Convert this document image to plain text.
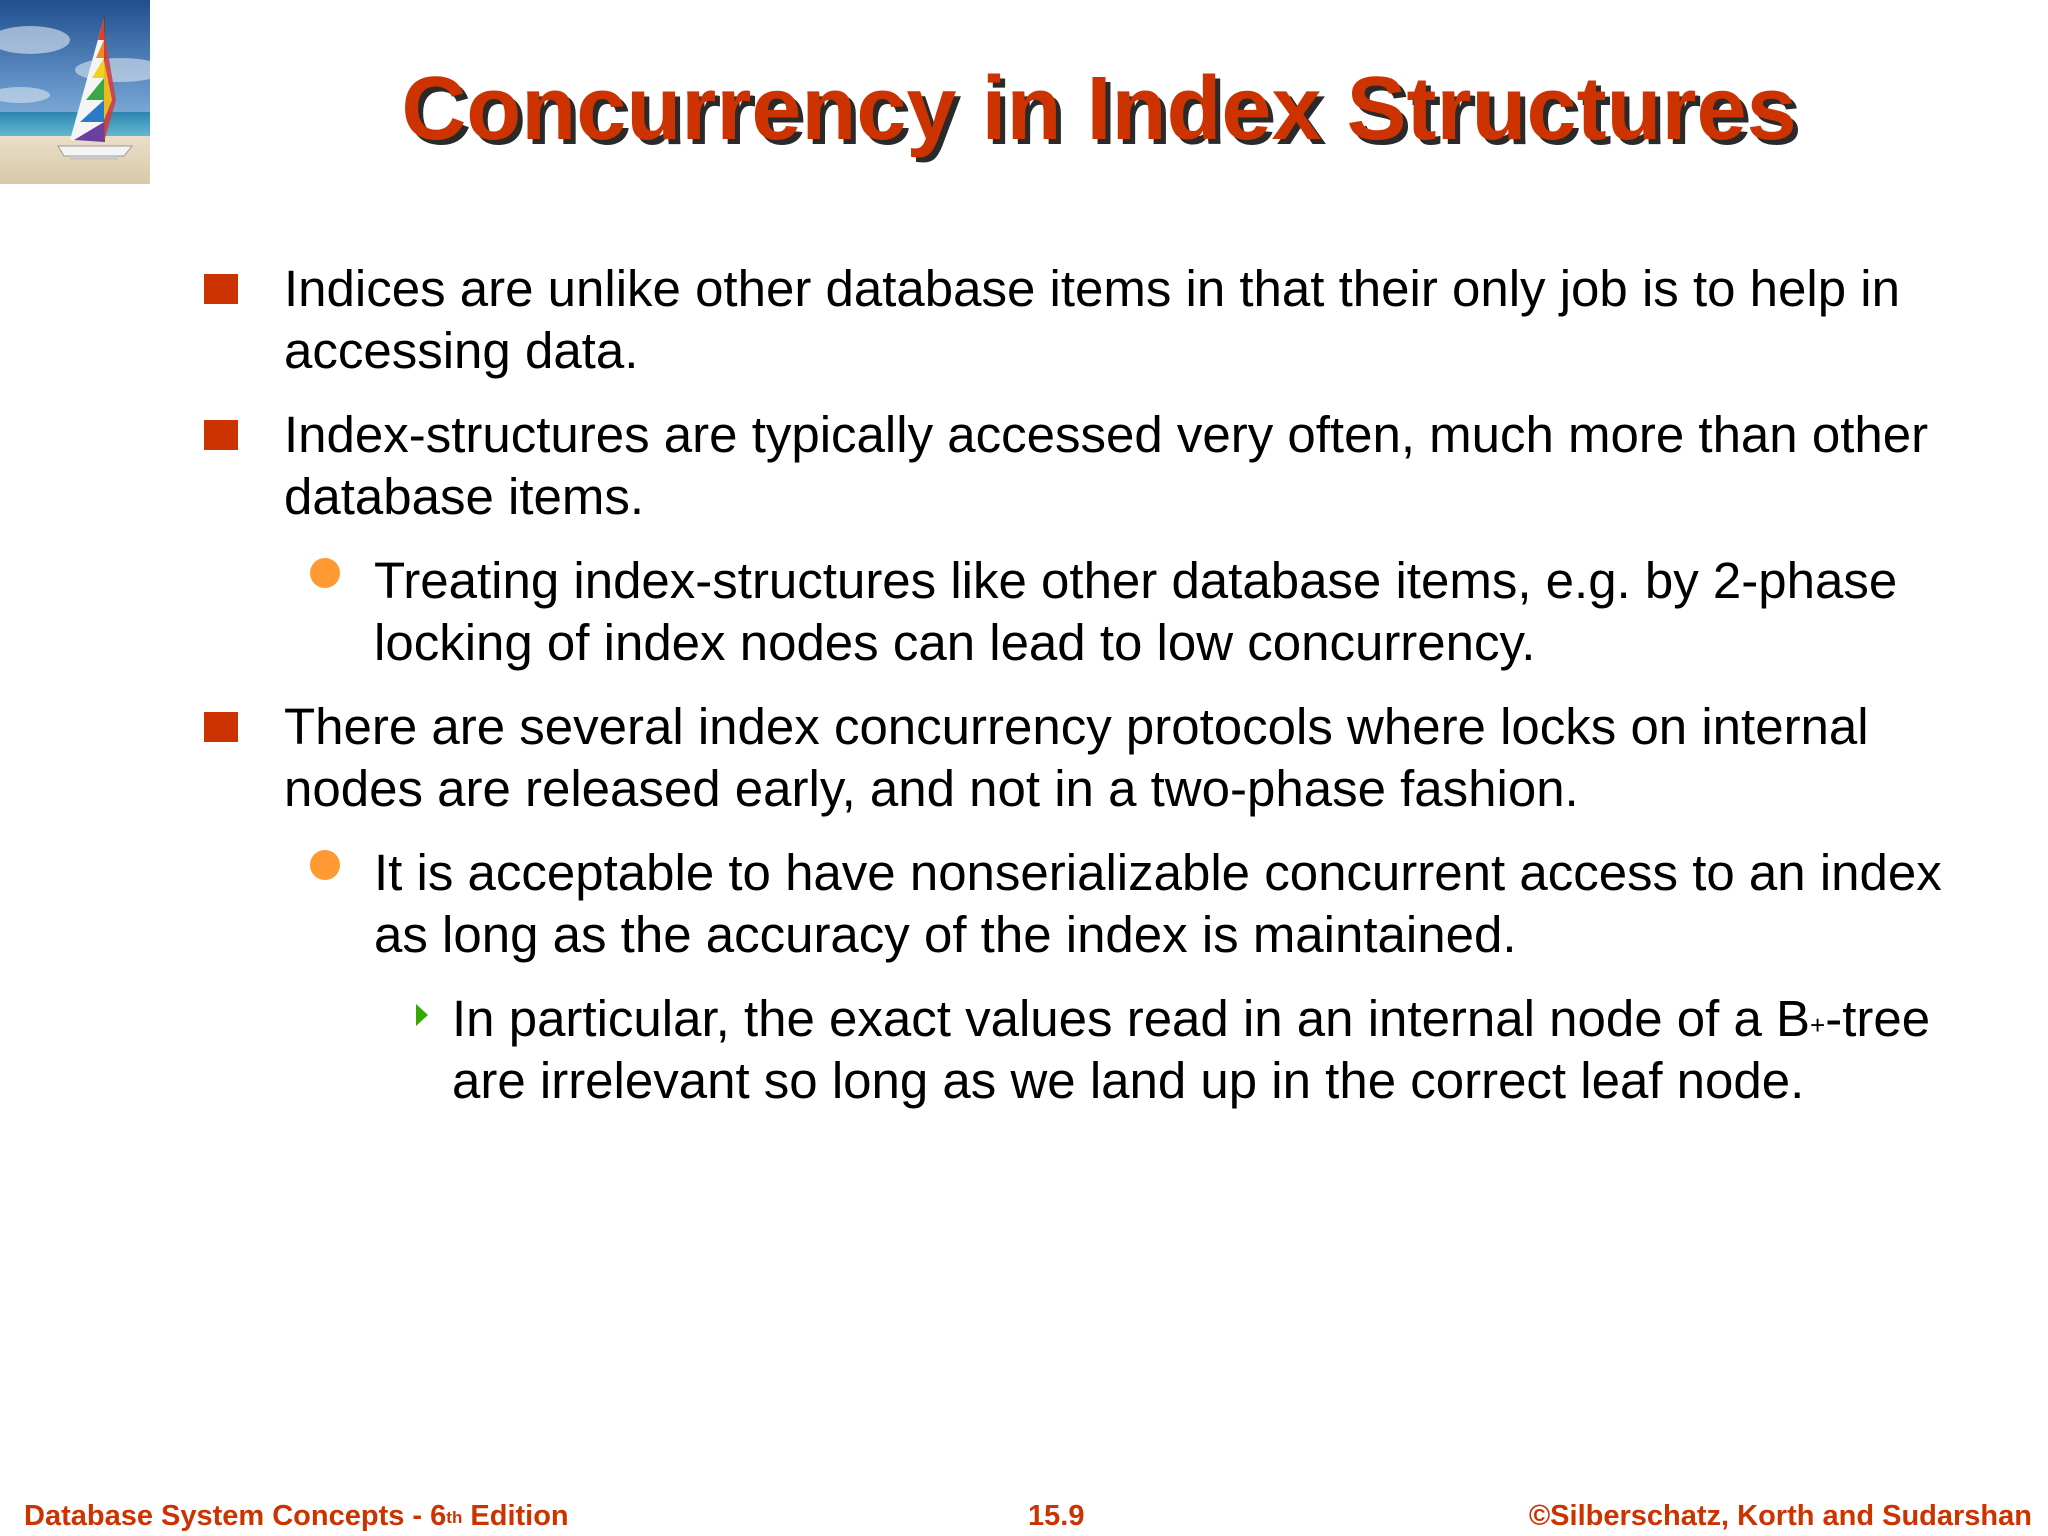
Concurrency in Index Structures
Indices are unlike other database items in that their only job is to help in accessing data.
Index-structures are typically accessed very often, much more than other database items.
Treating index-structures like other database items, e.g. by 2-phase locking of index nodes can lead to low concurrency.
There are several index concurrency protocols where locks on internal nodes are released early, and not in a two-phase fashion.
It is acceptable to have nonserializable concurrent access to an index as long as the accuracy of the index is maintained.
In particular, the exact values read in an internal node of a B+-tree are irrelevant so long as we land up in the correct leaf node.
Database System Concepts - 6th Edition	15.9	©Silberschatz, Korth and Sudarshan
